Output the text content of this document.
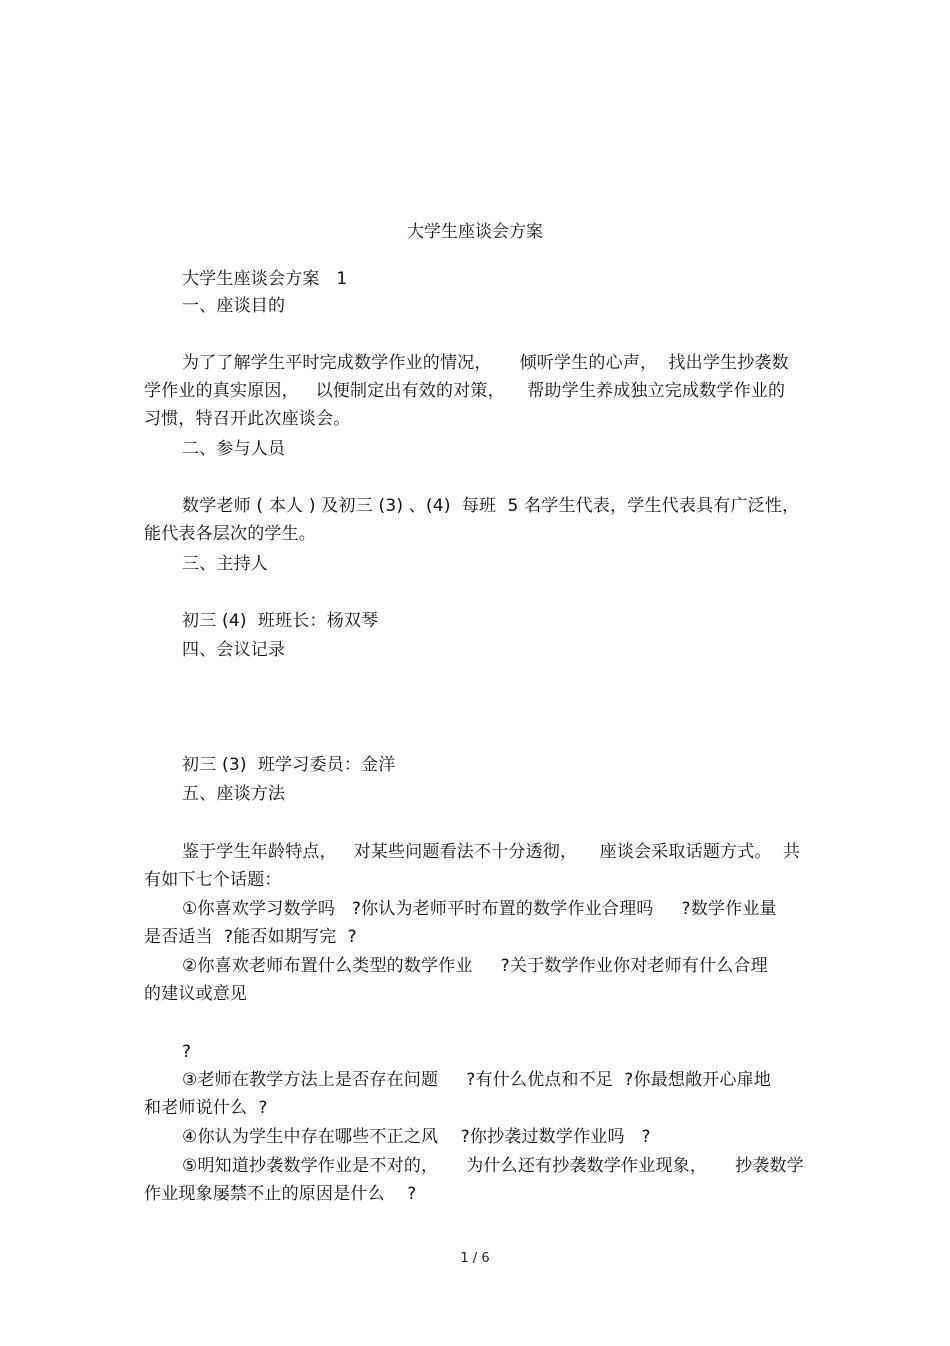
大学生座谈会方案
大学生座谈会方案   1
一、座谈目的
为了了解学生平时完成数学作业的情况，     倾听学生的心声，  找出学生抄袭数
学作业的真实原因，   以便制定出有效的对策，    帮助学生养成独立完成数学作业的
习惯，特召开此次座谈会。
二、参与人员
数学老师 ( 本人 ) 及初三 (3) 、(4)  每班  5 名学生代表，学生代表具有广泛性，
能代表各层次的学生。
三、主持人
初三 (4)  班班长：杨双琴
四、会议记录
初三 (3)  班学习委员：金洋
五、座谈方法
鉴于学生年龄特点，   对某些问题看法不十分透彻，    座谈会采取话题方式。  共
有如下七个话题：
①你喜欢学习数学吗   ?你认为老师平时布置的数学作业合理吗     ?数学作业量
是否适当  ?能否如期写完  ?
②你喜欢老师布置什么类型的数学作业     ?关于数学作业你对老师有什么合理
的建议或意见
?
③老师在教学方法上是否存在问题     ?有什么优点和不足  ?你最想敞开心扉地
和老师说什么  ?
④你认为学生中存在哪些不正之风    ?你抄袭过数学作业吗   ?
⑤明知道抄袭数学作业是不对的，     为什么还有抄袭数学作业现象，     抄袭数学
作业现象屡禁不止的原因是什么    ?
1 / 6
